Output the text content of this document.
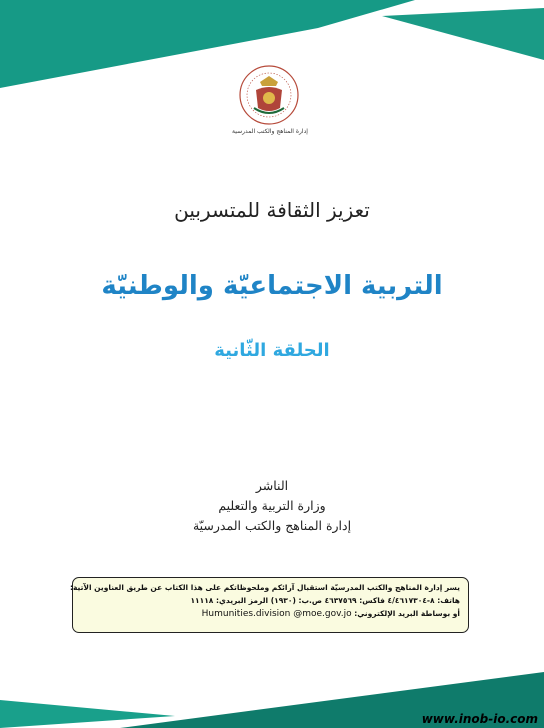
إدارة المناهج والكتب المدرسية
تعزيز الثقافة للمتسربين
التربية الاجتماعيّة والوطنيّة
الحلقة الثّانية
الناشر
وزارة التربية والتعليم
إدارة المناهج والكتب المدرسيّة
يسر إدارة المناهج والكتب المدرسيّة استقبال آرائكم وملحوظاتكم على هذا الكتاب عن طريق العناوين الآتية:
هاتف: ٨-٤/٤٦١٧٣٠٤ فاكس: ٤٦٣٧٥٦٩ ص.ب: (١٩٣٠) الرمز البريدي: ١١١١٨
أو بوساطة البريد الإلكتروني: Humunities.division @moe.gov.jo
www.inob-io.com
